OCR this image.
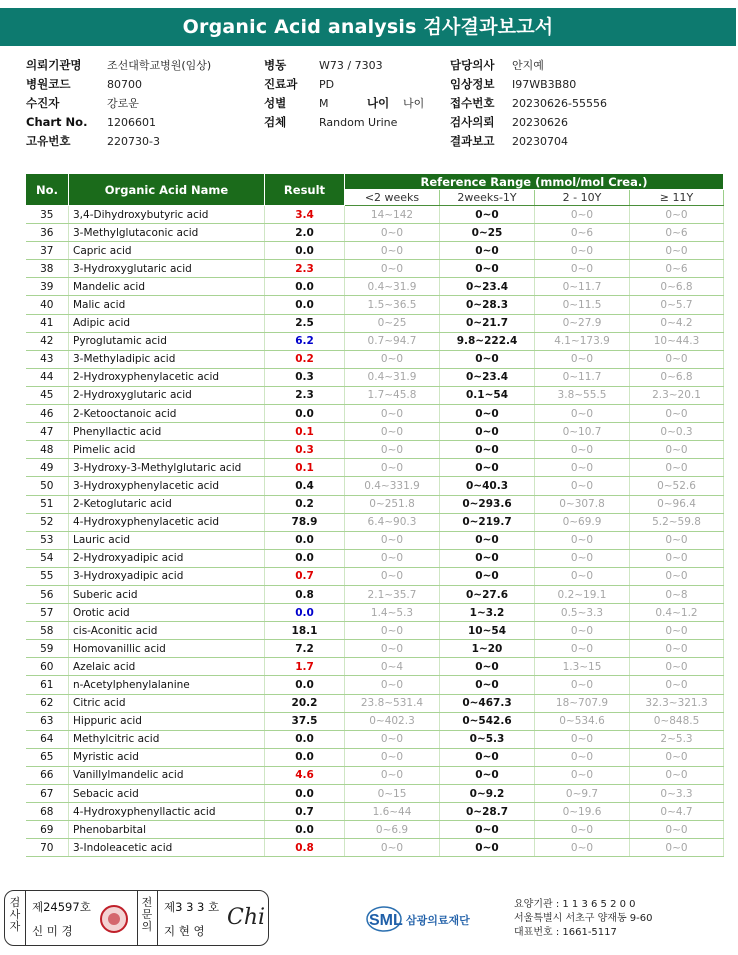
Organic Acid analysis 검사결과보고서
의뢰기관명 조선대학교병원(임상)	병동	W73 / 7303	담당의사 안지예
병원코드	80700	진료과 PD	임상정보 I97WB3B80
수진자	강로운	성별	M	나이 나이 접수번호 20230626-55556
Chart No. 1206601	검체	Random Urine	검사의뢰 20230626
고유번호	220730-3	결과보고 20230704
No.	Organic Acid Name	Result	Reference Range (mmol/mol Crea.)			
			<2 weeks	2weeks-1Y	2 - 10Y	≥ 11Y
35	3,4-Dihydroxybutyric acid	3.4	14~142	0~0	0~0	0~0
36	3-Methylglutaconic acid	2.0	0~0	0~25	0~6	0~6
37	Capric acid	0.0	0~0	0~0	0~0	0~0
38	3-Hydroxyglutaric acid	2.3	0~0	0~0	0~0	0~6
39	Mandelic acid	0.0	0.4~31.9	0~23.4	0~11.7	0~6.8
40	Malic acid	0.0	1.5~36.5	0~28.3	0~11.5	0~5.7
41	Adipic acid	2.5	0~25	0~21.7	0~27.9	0~4.2
42	Pyroglutamic acid	6.2	0.7~94.7	9.8~222.4	4.1~173.9	10~44.3
43	3-Methyladipic acid	0.2	0~0	0~0	0~0	0~0
44	2-Hydroxyphenylacetic acid	0.3	0.4~31.9	0~23.4	0~11.7	0~6.8
45	2-Hydroxyglutaric acid	2.3	1.7~45.8	0.1~54	3.8~55.5	2.3~20.1
46	2-Ketooctanoic acid	0.0	0~0	0~0	0~0	0~0
47	Phenyllactic acid	0.1	0~0	0~0	0~10.7	0~0.3
48	Pimelic acid	0.3	0~0	0~0	0~0	0~0
49	3-Hydroxy-3-Methylglutaric acid	0.1	0~0	0~0	0~0	0~0
50	3-Hydroxyphenylacetic acid	0.4	0.4~331.9	0~40.3	0~0	0~52.6
51	2-Ketoglutaric acid	0.2	0~251.8	0~293.6	0~307.8	0~96.4
52	4-Hydroxyphenylacetic acid	78.9	6.4~90.3	0~219.7	0~69.9	5.2~59.8
53	Lauric acid	0.0	0~0	0~0	0~0	0~0
54	2-Hydroxyadipic acid	0.0	0~0	0~0	0~0	0~0
55	3-Hydroxyadipic acid	0.7	0~0	0~0	0~0	0~0
56	Suberic acid	0.8	2.1~35.7	0~27.6	0.2~19.1	0~8
57	Orotic acid	0.0	1.4~5.3	1~3.2	0.5~3.3	0.4~1.2
58	cis-Aconitic acid	18.1	0~0	10~54	0~0	0~0
59	Homovanillic acid	7.2	0~0	1~20	0~0	0~0
60	Azelaic acid	1.7	0~4	0~0	1.3~15	0~0
61	n-Acetylphenylalanine	0.0	0~0	0~0	0~0	0~0
62	Citric acid	20.2	23.8~531.4	0~467.3	18~707.9	32.3~321.3
63	Hippuric acid	37.5	0~402.3	0~542.6	0~534.6	0~848.5
64	Methylcitric acid	0.0	0~0	0~5.3	0~0	2~5.3
65	Myristic acid	0.0	0~0	0~0	0~0	0~0
66	Vanillylmandelic acid	4.6	0~0	0~0	0~0	0~0
67	Sebacic acid	0.0	0~15	0~9.2	0~9.7	0~3.3
68	4-Hydroxyphenyllactic acid	0.7	1.6~44	0~28.7	0~19.6	0~4.7
69	Phenobarbital	0.0	0~6.9	0~0	0~0	0~0
70	3-Indoleacetic acid	0.8	0~0	0~0	0~0	0~0
검사자
제24597호
신 미 경
전문의
제3 3 3 호
지 현 영
Chi	SML 삼광의료재단
요양기관 : 1 1 3 6 5 2 0 0
서울특별시 서초구 양재동 9-60
대표번호 : 1661-5117
